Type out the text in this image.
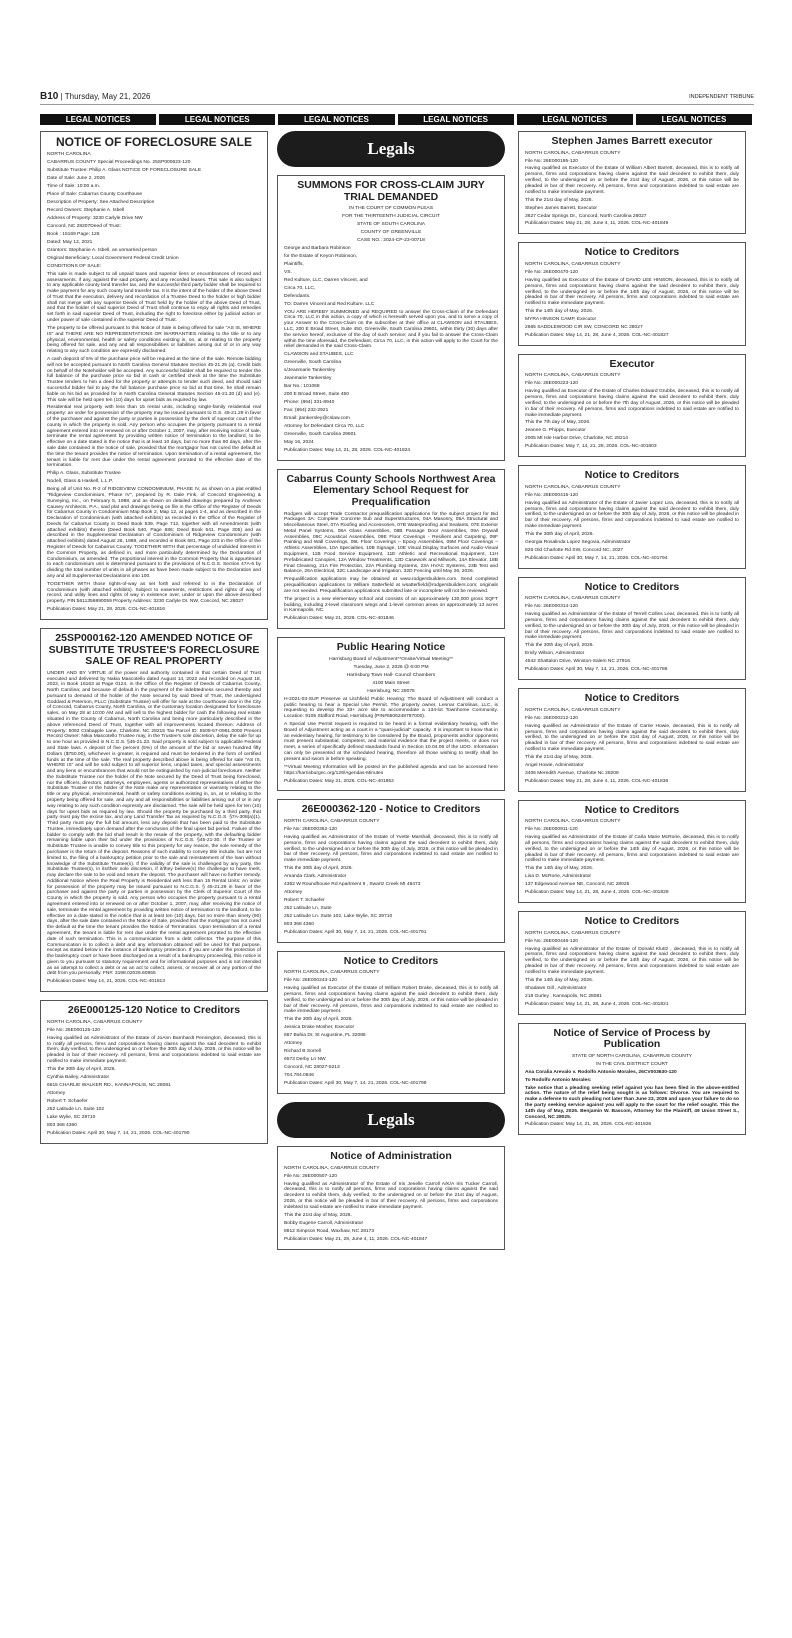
B10 | Thursday, May 21, 2026	INDEPENDENT TRIBUNE
LEGAL NOTICES	LEGAL NOTICES	LEGAL NOTICES	LEGAL NOTICES	LEGAL NOTICES	LEGAL NOTICES
NOTICE OF FORECLOSURE SALE

NORTH CAROLINA

CABARRUS COUNTY Special Proceedings No. 25SP000623-120

Substitute Trustee: Philip A. Glass NOTICE OF FORECLOSURE SALE

Date of Sale: June 2, 2026

Time of Sale: 10:00 a.m.

Place of Sale: Cabarrus County Courthouse

Description of Property: See Attached Description

Record Owners: Stephanie A. Isbell

Address of Property: 3230 Carlyle Drive NW

Concord, NC 28207Deed of Trust:

Book : 15169 Page: 126

Dated: May 12, 2021

Grantors: Stephanie A. Isbell, an unmarried person

Original Beneficiary: Local Government Federal Credit Union

CONDITIONS OF SALE:

This sale is made subject to all unpaid taxes and superior liens or encumbrances of record and assessments, if any, against the said property, and any recorded leases. This sale is also subject to any applicable county land transfer tax, and the successful third party bidder shall be required to make payment for any such county land transfer tax. It is the intent of the holder of the above Deed of Trust that the execution, delivery and recordation of a Trustee Deed to the holder or high bidder shall not merge with any superior Deeds of Trust held by the holder of the above Deed of Trust, and that the holder of said superior Deed of Trust shall continue to enjoy all rights and remedies set forth in said superior Deed of Trust, including the right to foreclose either by judicial action or under power of sale contained in the superior Deed of Trust.

The property to be offered pursuant to this Notice of Sale is being offered for sale "AS IS, WHERE IS" and THERE ARE NO REPRESENTATIONS OR WARRANTIES relating to the title or to any physical, environmental, health or safety conditions existing in, on, at or relating to the property being offered for sale, and any and all responsibilities or liabilities arising out of or in any way relating to any such condition are expressly disclaimed.

A cash deposit of 5% of the purchase price will be required at the time of the sale. Remote bidding will not be accepted pursuant to North Carolina General Statutes Section 45-21.25 (a). Credit bids on behalf of the Noteholder will be accepted. Any successful bidder shall be required to tender the full balance of the purchase price so bid in cash or certified check at the time the Substitute Trustee tenders to him a deed for the property or attempts to tender such deed, and should said successful bidder fail to pay the full balance purchase price so bid at that time, he shall remain liable on his bid as provided for in North Carolina General Statutes Section 45-21.30 (d) and (e). This sale will be held open ten (10) days for upset bids as required by law.

Residential real property with less than 15 rental units, including single-family residential real property: an order for possession of the property may be issued pursuant to G.S. 45-21.29 in favor of the purchaser and against the party or parties in possession by the clerk of superior court of the county in which the property is sold. Any person who occupies the property pursuant to a rental agreement entered into or renewed on or after October 1, 2007, may, after receiving notice of sale, terminate the rental agreement by providing written notice of termination to the landlord, to be effective on a date stated in the notice that is at least 10 days, but no more than 90 days, after the sale date contained in the notice of sale, provided that the mortgagor has not cured the default at the time the tenant provides the notice of termination. Upon termination of a rental agreement, the tenant is liable for rent due under the rental agreement prorated to the effective date of the termination.

Philip A. Glass, Substitute Trustee

Nodell, Glass & Haskell, L.L.P.

Being all of Unit No. R-2 of RIDGEVIEW CONDOMINIUM, PHASE IV, as shown on a plat entitled "Ridgeview Condominium, Phase IV", prepared by R. Dale Fink, of Concord Engineering & Surveying, Inc., on February 5, 1988, and as shown on detailed drawings prepared by Andrews Causey Architects, P.A., said plat and drawings being on file in the Office of the Register of Deeds for Cabarrus County in Condominium Map Book 2, Map 12, at pages 1-4, and as described in the Declaration of Condominium (with attached exhibits) as recorded in the Office of the Register of Deeds for Cabarrus County in Deed Book 539, Page 712, together with all Amendments (with attached exhibits) thereto (Deed Book 540, Page 686; Deed Book 541, Page 305) and as described in the Supplemental Declaration of Condominium of Ridgeview Condominium (with attached exhibits) dated August 26, 1988, and recorded in Book 681, Page 223 in the Office of the Register of Deeds for Cabarrus County. TOGETHER WITH that percentage of undivided interest in the Common Property, as defined in, and more particularly determined by the Declaration of Condominium, as amended. The proportional interest in the Common Property that is appurtenant to each condominium unit is determined pursuant to the provisions of N.C.G.S. Section 47A-6 by dividing the total number of units in all phases as have been made subject to the Declaration and any and all Supplemental Declarations into 100.

TOGETHER WITH those rights-of-way as set forth and referred to in the Declaration of Condominium (with attached exhibits). Subject to easements, restrictions and rights of way of record, and utility lines and rights of way in existence over, under or upon the above-described property. PIN:5611356890059 Property Address: 3230 Carlyle Dr. NW, Concord, NC 28027

Publication Dates: May 21, 28, 2026. COL-NC-401816

25SP000162-120 AMENDED NOTICE OF SUBSTITUTE TRUSTEE'S FORECLOSURE SALE OF REAL PROPERTY

UNDER AND BY VIRTUE of the power and authority contained in that certain Deed of Trust executed and delivered by Nakia Mascotello dated August 14, 2022 and recorded on August 18, 2022, in Book 16163 at Page 0124, in the Office of the Register of Deeds of Cabarrus County, North Carolina; and because of default in the payment of the indebtedness secured thereby and pursuant to demand of the holder of the Note secured by said Deed of Trust, the undersigned Goddard & Peterson, PLLC (Substitute Trustee) will offer for sale at the courthouse door in the City of Concord, Cabarrus County, North Carolina, or the customary location designated for foreclosure sales, on May 28 at 10:00 AM and will sell to the highest bidder for cash the following real estate situated in the County of Cabarrus, North Carolina and being more particularly described in the above referenced Deed of Trust, together with all improvements located thereon: Address of Property: 5092 Crabapple Lane, Charlotte, NC 28215 Tax Parcel ID: 5505-57-0961.0000 Present Record Owner: Nikia Mascotello Trustee may, in the Trustee's sole discretion, delay the sale for up to one hour as provided in N.C.G.S. §45-21.23. Said property is sold subject to applicable Federal and State laws. A deposit of five percent (5%) of the amount of the bid or seven hundred fifty Dollars ($750.00), whichever is greater, is required and must be tendered in the form of certified funds at the time of the sale. The real property described above is being offered for sale "AS IS, WHERE IS" and will be sold subject to all superior liens, unpaid taxes, and special assessments and any liens or encumbrances that would not be extinguished by non-judicial foreclosure. Neither the Substitute Trustee nor the holder of the Note secured by the Deed of Trust being foreclosed, nor the officers, directors, attorneys, employees, agents or authorized representatives of either the Substitute Trustee or the holder of the Note make any representation or warranty relating to the title or any physical, environmental, health or safety conditions existing in, on, at or relating to the property being offered for sale, and any and all responsibilities or liabilities arising out of or in any way relating to any such condition expressly are disclaimed. The sale will be held open for ten (10) days for upset bids as required by law. Should the property be purchased by a third party, that party must pay the excise tax, and any Land Transfer Tax as required by N.C.G.S. §7A-308(a)(1). Third party must pay the full bid amount, less any deposit that has been paid to the Substitute Trustee, immediately upon demand after the conclusion of the final upset bid period. Failure of the bidder to comply with the bid shall result in the resale of the property, with the defaulting bidder remaining liable upon their bid under the provisions of N.C.G.S. §45-21-30. If the Trustee or Substitute Trustee is unable to convey title to this property for any reason, the sole remedy of the purchaser is the return of the deposit. Reasons of such inability to convey title include, but are not limited to, the filing of a bankruptcy petition prior to the sale and reinstatement of the loan without knowledge of the Substitute Trustee(s). If the validity of the sale is challenged by any party, the Substitute Trustee(s), in its/their sole discretion, if it/they believe(s) the challenge to have merit, may declare the sale to be void and return the deposit. The purchaser will have no further remedy. Additional Notice where the Real Property is Residential with less than 15 Rental Units: An order for possession of the property may be issued pursuant to N.C.G.S. § 45-21.29 in favor of the purchaser and against the party or parties in possession by the Clerk of Superior Court of the County in which the property is sold. Any person who occupies the property pursuant to a rental agreement entered into or renewed on or after October 1, 2007, may, after receiving the notice of sale, terminate the rental agreement by providing written notice of termination to the landlord, to be effective on a date stated in the notice that is at least ten (10) days, but no more than ninety (90) days, after the sale date contained in the Notice of Sale, provided that the mortgagor has not cured the default at the time the tenant provides the Notice of Termination. Upon termination of a rental agreement, the tenant is liable for rent due under the rental agreement prorated to the effective date of such termination. This is a communication from a debt collector. The purpose of this Communication is to collect a debt and any information obtained will be used for that purpose, except as stated below in the instance of bankruptcy protection. If you are under the protection of the bankruptcy court or have been discharged as a result of a bankruptcy proceeding, this notice is given to you pursuant to statutory requirement and for informational purposes and is not intended as an attempt to collect a debt or as an act to collect, assess, or recover all or any portion of the debt from you personally. FN#: 3198.02026.60955

Publication Dates: May 14, 21, 2026. COL-NC-401813

26E000125-120 Notice to Creditors

NORTH CAROLINA, CABARRUS COUNTY

File No: 26E000125-120

Having qualified as Administrator of the Estate of JoAnn Barnhardt Pennington, deceased, this is to notify all persons, firms and corporations having claims against the said decedent to exhibit them, duly verified, to the undersigned on or before the 30th day of July, 2026, or this notice will be pleaded in bar of their recovery. All persons, firms and corporations indebted to said estate are notified to make immediate payment.

This the 30th day of April, 2026.

Cynthia Bailey, Administrator

6615 CHARLIE WALKER RD., KANNAPOLIS, NC 28081

Attorney

Robert T. Schaefer

252 Latitude Ln. Suite 102

Lake Wylie, SC 29710

803 368 4360

Publication Dates: April 30, May 7, 14, 21, 2026. COL-NC-401790

Legals
SUMMONS FOR CROSS-CLAIM JURY TRIAL DEMANDED

IN THE COURT OF COMMON PLEAS

FOR THE THIRTEENTH JUDICIAL CIRCUIT

STATE OF SOUTH CAROLINA

COUNTY OF GREENVILLE

CASE NO.: 2024-CP-23-00718

George and Barbara Robinson

for the Estate of Keyon Robinson,

Plaintiffs,

VS.

Red Kulture, LLC, Darren Vincent, and

Circa 70, LLC,

Defendants.

TO: Darren Vincent and Red Kulture, LLC

YOU ARE HEREBY SUMMONED and REQUIRED to answer the Cross-Claim of the Defendant Circa 70, LLC in this action, a copy of which is herewith served upon you, and to serve a copy of your Answer to the Cross-Claim on the subscriber at their office at CLAWSON and STAUBES, LLC, 200 E Broad Street, Suite 450, Greenville, South Carolina 29601, within thirty (30) days after the service hereof, exclusive of the day of such service; and if you fail to answer the Cross-Claim within the time aforesaid, the Defendant, Circa 70, LLC, in this action will apply to the Court for the relief demanded in the said Cross-Claim.

CLAWSON and STAUBES, LLC

Greenville, South Carolina

s/Jeanmarie Tankersley

Jeanmarie Tankersley

Bar No.: 101068

200 E Broad Street, Suite 450

Phone: (864) 331-8940

Fax: (864) 232-2921

Email: jtankersley@cslaw.com

Attorney for Defendant Circa 70, LLC

Greenville, South Carolina 29601

May 16, 2024

Publication Dates: May 14, 21, 28, 2026. COL-NC-401824

Cabarrus County Schools Northwest Area Elementary School Request for Prequalification

Rodgers will accept Trade Contractor prequalification applications for the subject project for Bid Packages 3A: Complete Concrete Sub and Superstructures, 04A Masonry, 05A Structural and Miscellaneous Steel, 07A Roofing and Accessories, 07B Waterproofing and Sealants, 07E Exterior Metal Panel Systems, 08A Glass Assemblies, 08B Passage Door Assemblies, 09A Drywall Assemblies, 09C Acoustical Assemblies, 09E Floor Coverings - Resilient and Carpeting, 09F Painting and Wall Coverings, 09L Floor Coverings – Epoxy Assemblies, 09M Floor Coverings – Athletic Assemblies, 10A Specialties, 10B Signage, 10E Visual Display Surfaces and Audio-Visual Equipment, 11B Food Service Equipment, 11E Athletic and Recreational Equipment, 11H Prefabricated Canopies, 12A Window Treatments, 12D Casework and Millwork, 14A Elevator, 18B Final Cleaning, 21A Fire Protection, 22A Plumbing Systems, 23A HVAC Systems, 23B Test and Balance, 26A Electrical, 32C Landscape and Irrigation, 32D Fencing until May 26, 2026.

Prequalification applications may be obtained at www.rodgersbuilders.com. Send completed prequalification applications to William Satterfield at wsatterfield@rodgersbuilders.com; originals are not needed. Prequalification applications submitted late or incomplete will not be reviewed.

The project is a new elementary school and consists of an approximately 130,000 gross SQFT building, including 2-level classroom wings and 1-level common areas on approximately 13 acres in Kannapolis, NC.

Publication Dates: May 21, 2026. COL-NC-401846

Public Hearing Notice

Harrisburg Board of Adjustment**Onsite/Virtual Meeting**

Tuesday, June 2, 2026 @ 6:00 PM

Harrisburg Town Hall- Council Chambers

4100 Main Street

Harrisburg, NC 28075

H-2021-03-SUP Preserve at Litchfield Public Hearing: The Board of Adjustment will conduct a public hearing to hear a Special Use Permit. The property owner, Lennar Carolinas, LLC, is requesting to develop the 33+ acre site to accommodate a 134-lot Townhome Community. Location: 9105 Stafford Road, Harrisburg (PIN#5506248787000).

A Special Use Permit request is required to be heard in a formal evidentiary hearing, with the Board of Adjustment acting as a court in a "quasi-judicial" capacity. It is important to know that in an evidentiary hearing, for testimony to be considered by the Board, proponents and/or opponents must present substantial, competent, and material evidence that the project meets, or does not meet, a series of specifically defined standards found in Section 10.04.06 of the UDO. Information can only be presented at the scheduled hearing, therefore all those wishing to testify shall be present and sworn in before speaking.

**Virtual Meeting Information will be posted on the published agenda and can be accessed here https://harrisburgnc.org/129/Agendas-Minutes

Publication Dates: May 21, 2026. COL-NC-401852

26E000362-120 - Notice to Creditors

NORTH CAROLINA, CABARRUS COUNTY

File No: 26E000362-120

Having qualified as Administrator of the Estate of Yvette Marshall, deceased, this is to notify all persons, firms and corporations having claims against the said decedent to exhibit them, duly verified, to the undersigned on or before the 30th day of July, 2026, or this notice will be pleaded in bar of their recovery. All persons, firms and corporations indebted to said estate are notified to make immediate payment.

This the 30th day of April, 2026.

Amanda Clark, Administrator

4352 W Roundhouse Rd Apartment 9 , Swartz Creek MI 48473

Attorney

Robert T. Schaefer

252 Latitude Ln, Suite

252 Latitude Ln. Suite 102, Lake Wylie, SC 29710

803 368 4360

Publication Dates: April 30, May 7, 14, 21, 2026. COL-NC-401791

Notice to Creditors

NORTH CAROLINA, CABARRUS COUNTY

File No: 26E000243-120

Having qualified as Executor of the Estate of William Robert Drake, deceased, this is to notify all persons, firms and corporations having claims against the said decedent to exhibit them, duly verified, to the undersigned on or before the 30th day of July, 2026, or this notice will be pleaded in bar of their recovery. All persons, firms and corporations indebted to said estate are notified to make immediate payment.

This the 30th day of April, 2026.

Jessica Drake Mosher, Executor

687 Bahia Dr, St Augustine, FL 32086

Attorney

Richard B Sorrell

6573 Derby Ln NW

Concord, NC 28027-5213

704.784.0846

Publication Dates: April 30, May 7, 14, 21, 2026. COL-NC-401799

Legals
Notice of Administration

NORTH CAROLINA, CABARRUS COUNTY

File No: 26E000507-120

Having qualified as Administrator of the Estate of Iris Jenelle Carroll A/K/A Iris Tucker Carroll, deceased, this is to notify all persons, firms and corporations having claims against the said decedent to exhibit them, duly verified, to the undersigned on or before the 21st day of August, 2026, or this notice will be pleaded in bar of their recovery. All persons, firms and corporations indebted to said estate are notified to make immediate payment.

This the 21st day of May, 2026.

Bobby Eugene Carroll, Administrator

8812 Simpson Road, Waxhaw, NC 28173

Publication Dates: May 21, 28, June 4, 11, 2026. COL-NC-401847

Stephen James Barrett executor

NORTH CAROLINA, CABARRUS COUNTY

File No: 26E000195-120

Having qualified as Executor of the Estate of William Albert Barrett, deceased, this is to notify all persons, firms and corporations having claims against the said decedent to exhibit them, duly verified, to the undersigned on or before the 21st day of August, 2026, or this notice will be pleaded in bar of their recovery. All persons, firms and corporations indebted to said estate are notified to make immediate payment.

This the 21st day of May, 2026.

Stephen James Barrett, Executor

3627 Cedar Springs Dr., Concord, North Carolina 28027

Publication Dates: May 21, 28, June 4, 11, 2026. COL-NC-401849

Notice to Creditors

NORTH CAROLINA, CABARRUS COUNTY

File No: 26E000470-120

Having qualified as Executor of the Estate of DAVID LEE HINSON, deceased, this is to notify all persons, firms and corporations having claims against the said decedent to exhibit them, duly verified, to the undersigned on or before the 14th day of August, 2026, or this notice will be pleaded in bar of their recovery. All persons, firms and corporations indebted to said estate are notified to make immediate payment.

This the 14th day of May, 2026.

MYRA HINSON CAMP, Executor

2665 SADDLEWOOD CIR SW, CONCORD NC 28027

Publication Dates: May 14, 21, 28, June 4, 2026. COL-NC-401827

Executor

NORTH CAROLINA, CABARRUS COUNTY

File No: 26E000223-120

Having qualified as Executor of the Estate of Charles Edward Grubbs, deceased, this is to notify all persons, firms and corporations having claims against the said decedent to exhibit them, duly verified, to the undersigned on or before the 7th day of August, 2026, or this notice will be pleaded in bar of their recovery. All persons, firms and corporations indebted to said estate are notified to make immediate payment.

This the 7th day of May, 2026.

Jeanne G. Phipps, Executor

2005 Mt Isle Harbor Drive, Charlotte, NC 28214

Publication Dates: May 7, 14, 21, 28, 2026. COL-NC-401803

Notice to Creditors

NORTH CAROLINA, CABARRUS COUNTY

File No: 26E000415-120

Having qualified as Administrator of the Estate of Javier Lopez Lira, deceased, this is to notify all persons, firms and corporations having claims against the said decedent to exhibit them, duly verified, to the undersigned on or before the 30th day of July, 2026, or this notice will be pleaded in bar of their recovery. All persons, firms and corporations indebted to said estate are notified to make immediate payment.

This the 30th day of April, 2026.

Georgia Rosalinda Lopez Segovia, Administrator

826 Old Charlotte Rd SW, Concord NC, 2027

Publication Dates: April 30, May 7, 14, 21, 2026. COL-NC-401794

Notice to Creditors

NORTH CAROLINA, CABARRUS COUNTY

File No: 26E000314-120

Having qualified as Administrator of the Estate of Terrell Collins Lear, deceased, this is to notify all persons, firms and corporations having claims against the said decedent to exhibit them, duly verified, to the undersigned on or before the 30th day of July, 2026, or this notice will be pleaded in bar of their recovery. All persons, firms and corporations indebted to said estate are notified to make immediate payment.

This the 30th day of April, 2026.

Emily Wilson, Administrator

4542 Shattalon Drive, Winston-Salem NC 27916

Publication Dates: April 30, May 7, 14, 21, 2026. COL-NC-401786

Notice to Creditors

NORTH CAROLINA, CABARRUS COUNTY

File No: 26E000212-120

Having qualified as Administrator of the Estate of Carrie Howie, deceased, this is to notify all persons, firms and corporations having claims against the said decedent to exhibit them, duly verified, to the undersigned on or before the 21st day of August, 2026, or this notice will be pleaded in bar of their recovery. All persons, firms and corporations indebted to said estate are notified to make immediate payment.

This the 21st day of May, 2026.

Angel Howie, Administrator

3406 Meredith Avenue, Charlotte Nc 28208

Publication Dates: May 21, 28, June 4, 11, 2026. COL-NC-401836

Notice to Creditors

NORTH CAROLINA, CABARRUS COUNTY

File No: 26E000911-120

Having qualified as Administrator of the Estate of Carla Marie McRorie, deceased, this is to notify all persons, firms and corporations having claims against the said decedent to exhibit them, duly verified, to the undersigned on or before the 14th day of August, 2026, or this notice will be pleaded in bar of their recovery. All persons, firms and corporations indebted to said estate are notified to make immediate payment.

This the 14th day of May, 2026.

Lisa D. McRorie, Administrator

137 Edgewood Avenue NE, Concord, NC 28025

Publication Dates: May 14, 21, 28, June 4, 2026. COL-NC-401828

Notice to Creditors

NORTH CAROLINA, CABARRUS COUNTY

File No: 26E000446-120

Having qualified as Administrator of the Estate of Donald Kluttz , deceased, this is to notify all persons, firms and corporations having claims against the said decedent to exhibit them, duly verified, to the undersigned on or before the 14th day of August, 2026, or this notice will be pleaded in bar of their recovery. All persons, firms and corporations indebted to said estate are notified to make immediate payment.

This the 14th day of May, 2026.

Shadawn Gill , Administrator

218 Gurley , Kannapolis, NC 28081

Publication Dates: May 14, 21, 28, June 4, 2026. COL-NC-401821

Notice of Service of Process by Publication

STATE OF NORTH CAROLINA, CABARRUS COUNTY

IN THE CIVIL DISTRICT COURT

Ana Coralia Arevalo v. Rodolfo Antonio Morales, 26CV003630-120

To Rodolfo Antonio Morales:

Take notice that a pleading seeking relief against you has been filed in the above-entitled action. The nature of the relief being sought is as follows: Divorce. You are required to make a defense to such pleading not later than June 23, 2026 and upon your failure to do so the party seeking service against you will apply to the court for the relief sought. This the 14th day of May, 2026. Benjamin W. Bascom, Attorney for the Plaintiff, 49 Union Street S., Concord, NC 28025.

Publication Dates: May 14, 21, 28, 2026. COL-NC-401826
